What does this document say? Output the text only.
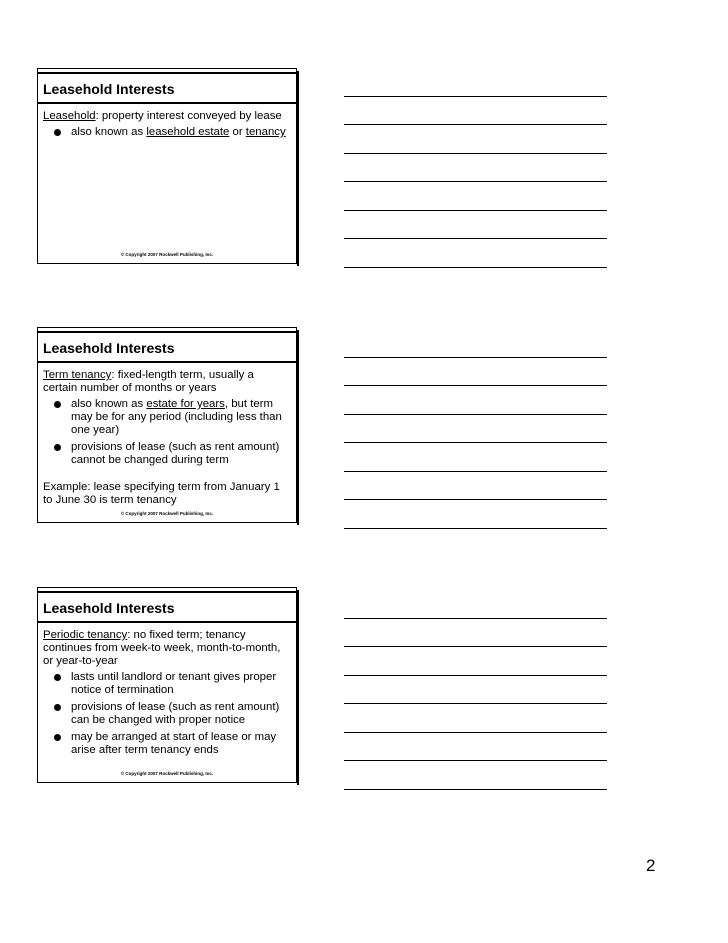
Leasehold Interests
Leasehold: property interest conveyed by lease
also known as leasehold estate or tenancy
© Copyright 2007 Rockwell Publishing, Inc.
Leasehold Interests
Term tenancy: fixed-length term, usually a certain number of months or years
also known as estate for years, but term may be for any period (including less than one year)
provisions of lease (such as rent amount) cannot be changed during term
Example: lease specifying term from January 1 to June 30 is term tenancy
© Copyright 2007 Rockwell Publishing, Inc.
Leasehold Interests
Periodic tenancy: no fixed term; tenancy continues from week-to week, month-to-month, or year-to-year
lasts until landlord or tenant gives proper notice of termination
provisions of lease (such as rent amount) can be changed with proper notice
may be arranged at start of lease or may arise after term tenancy ends
© Copyright 2007 Rockwell Publishing, Inc.
2
